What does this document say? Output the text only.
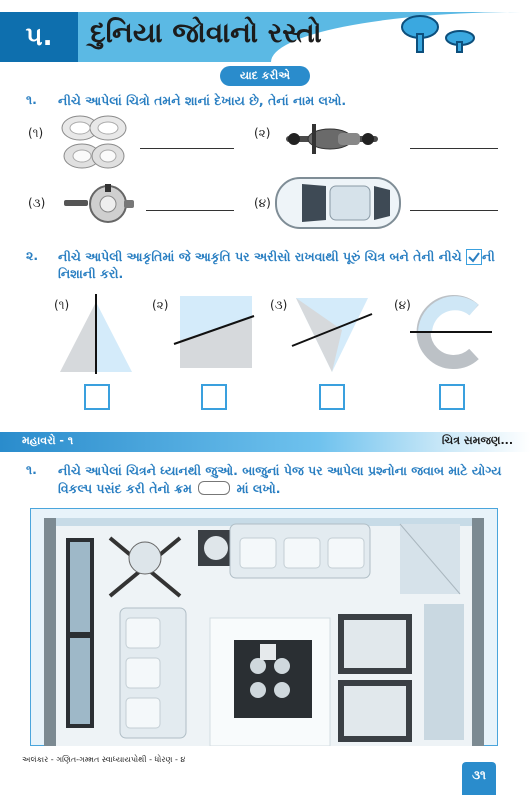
૫.	દુનિયા જોવાનો રસ્તો
યાદ કરીએ
૧. નીચે આપેલાં ચિત્રો તમને શાનાં દેખાય છે, તેનાં નામ લખો.
(૧)	(૨)
(૩)	(૪)
૨. નીચે આપેલી આકૃતિમાં જે આકૃતિ પર અરીસો રાખવાથી પૂરું ચિત્ર બને તેની નીચે ની
નિશાની કરો.
(૧)	(૨)	(૩)	(૪)
મહાવરો - ૧	ચિત્ર સમજણ...
૧. નીચે આપેલાં ચિત્રને ધ્યાનથી જુઓ. બાજુનાં પેજ પર આપેલા પ્રશ્નોના જવાબ માટે યોગ્ય
વિકલ્પ પસંદ કરી તેનો ક્રમ	માં લખો.
અલંકાર - ગણિત-ગમ્મત સ્વાધ્યાયપોથી - ધોરણ - ૪
૩૧
